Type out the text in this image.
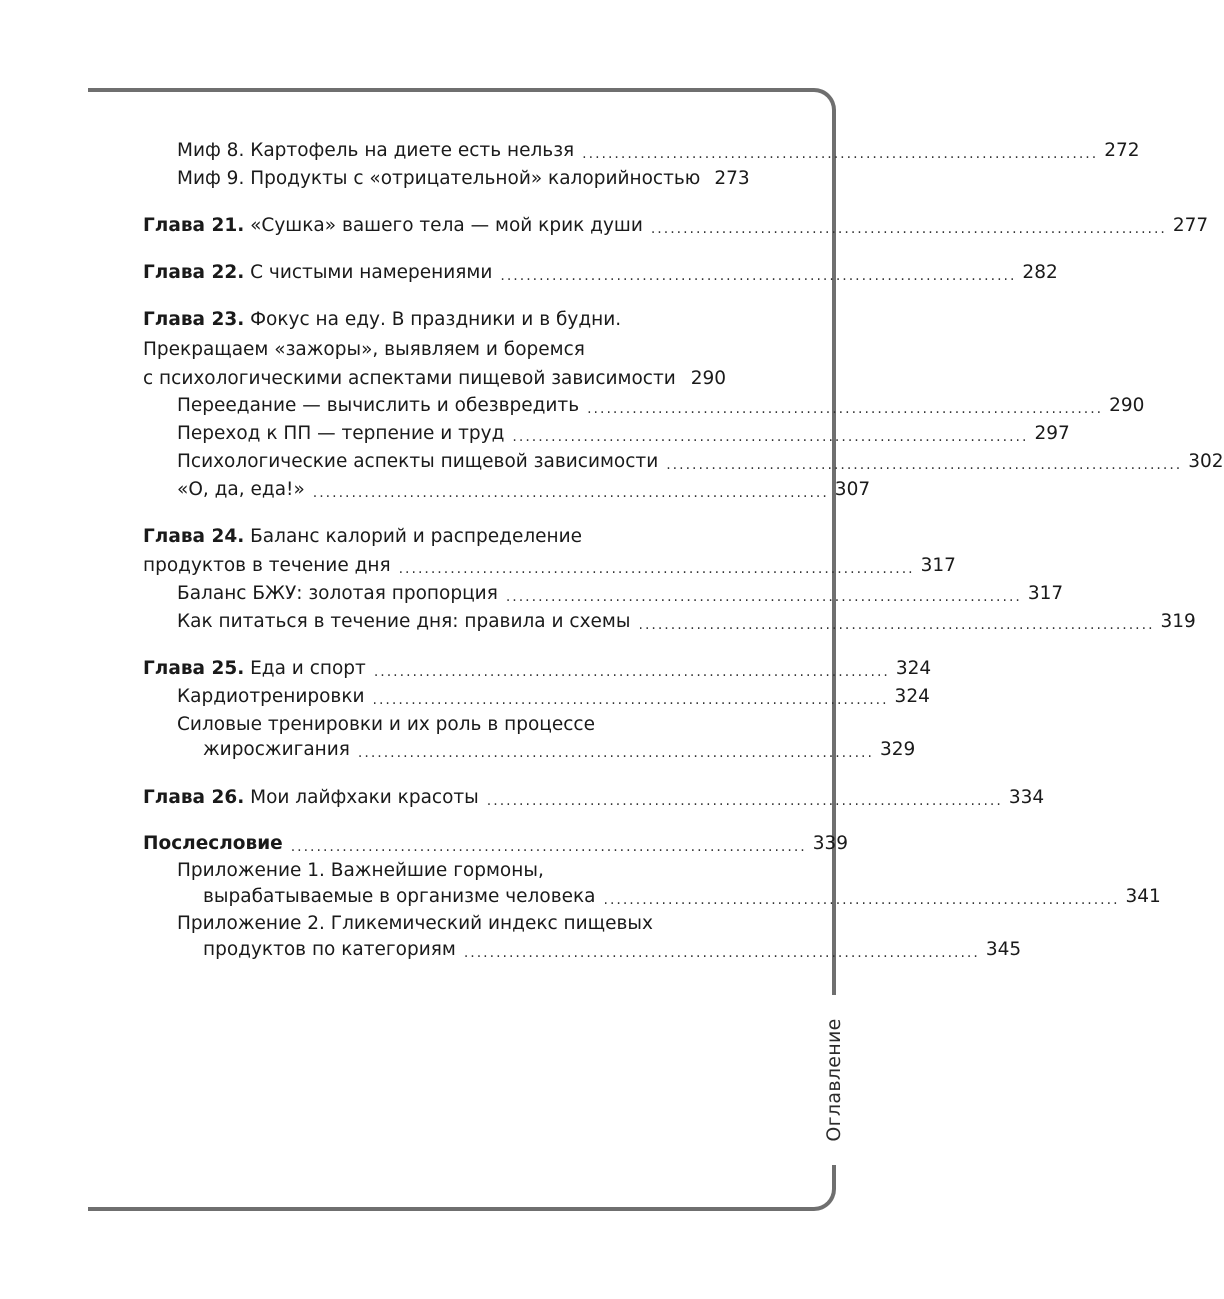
Оглавление
Миф 8. Картофель на диете есть нельзя ................................................................................ 272
Миф 9. Продукты с «отрицательной» калорийностью 273
Глава 21. «Сушка» вашего тела — мой крик души ................................................................................ 277
Глава 22. С чистыми намерениями ................................................................................ 282
Глава 23. Фокус на еду. В праздники и в будни.
Прекращаем «зажоры», выявляем и боремся
с психологическими аспектами пищевой зависимости 290
Переедание — вычислить и обезвредить ................................................................................ 290
Переход к ПП — терпение и труд ................................................................................ 297
Психологические аспекты пищевой зависимости ................................................................................ 302
«О, да, еда!» ................................................................................ 307
Глава 24. Баланс калорий и распределение
продуктов в течение дня ................................................................................ 317
Баланс БЖУ: золотая пропорция ................................................................................ 317
Как питаться в течение дня: правила и схемы ................................................................................ 319
Глава 25. Еда и спорт ................................................................................ 324
Кардиотренировки ................................................................................ 324
Силовые тренировки и их роль в процессе
жиросжигания ................................................................................ 329
Глава 26. Мои лайфхаки красоты ................................................................................ 334
Послесловие ................................................................................ 339
Приложение 1. Важнейшие гормоны,
вырабатываемые в организме человека ................................................................................ 341
Приложение 2. Гликемический индекс пищевых
продуктов по категориям ................................................................................ 345
